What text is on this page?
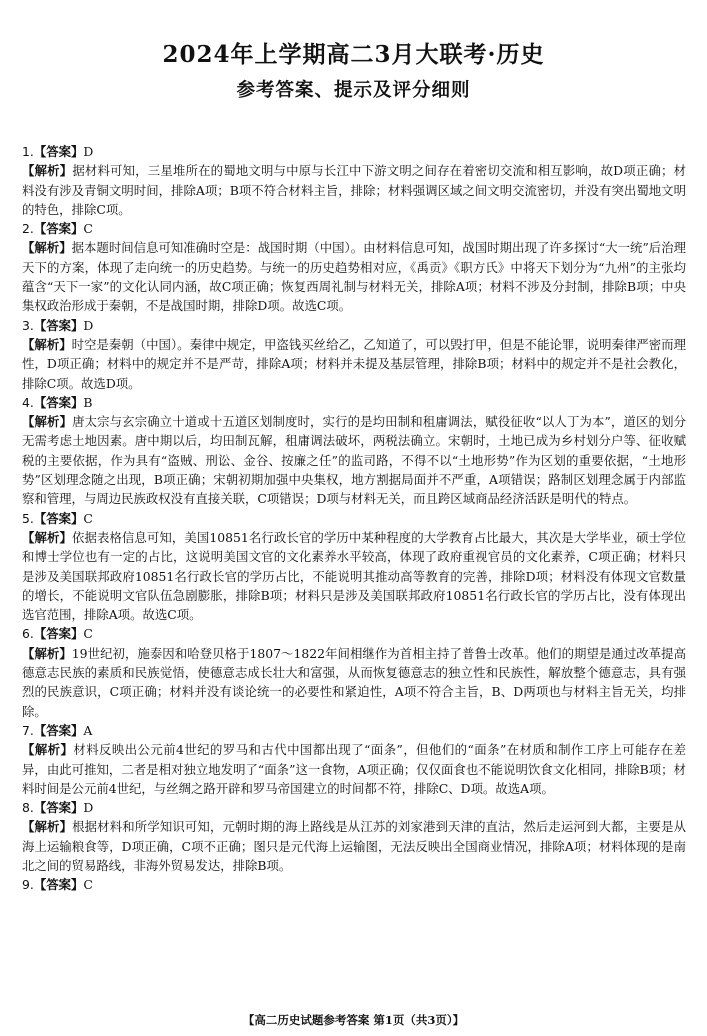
2024年上学期高二3月大联考·历史
参考答案、提示及评分细则
1.【答案】D

【解析】据材料可知，三星堆所在的蜀地文明与中原与长江中下游文明之间存在着密切交流和相互影响，故D项正确；材料没有涉及青铜文明时间，排除A项；B项不符合材料主旨，排除；材料强调区域之间文明交流密切，并没有突出蜀地文明的特色，排除C项。

2.【答案】C

【解析】据本题时间信息可知准确时空是：战国时期（中国）。由材料信息可知，战国时期出现了许多探讨“大一统”后治理天下的方案，体现了走向统一的历史趋势。与统一的历史趋势相对应，《禹贡》《职方氏》中将天下划分为“九州”的主张均蕴含“天下一家”的文化认同内涵，故C项正确；恢复西周礼制与材料无关，排除A项；材料不涉及分封制，排除B项；中央集权政治形成于秦朝，不是战国时期，排除D项。故选C项。

3.【答案】D

【解析】时空是秦朝（中国）。秦律中规定，甲盗钱买丝给乙，乙知道了，可以毁打甲，但是不能论罪，说明秦律严密而理性，D项正确；材料中的规定并不是严苛，排除A项；材料并未提及基层管理，排除B项；材料中的规定并不是社会教化，排除C项。故选D项。

4.【答案】B

【解析】唐太宗与玄宗确立十道或十五道区划制度时，实行的是均田制和租庸调法，赋役征收“以人丁为本”，道区的划分无需考虑土地因素。唐中期以后，均田制瓦解，租庸调法破坏，两税法确立。宋朝时，土地已成为乡村划分户等、征收赋税的主要依据，作为具有“盗贼、刑讼、金谷、按廉之任”的监司路，不得不以“土地形势”作为区划的重要依据，“土地形势”区划理念随之出现，B项正确；宋朝初期加强中央集权，地方割据局面并不严重，A项错误；路制区划理念属于内部监察和管理，与周边民族政权没有直接关联，C项错误；D项与材料无关，而且跨区域商品经济活跃是明代的特点。

5.【答案】C

【解析】依据表格信息可知，美国10851名行政长官的学历中某种程度的大学教育占比最大，其次是大学毕业，硕士学位和博士学位也有一定的占比，这说明美国文官的文化素养水平较高，体现了政府重视官员的文化素养，C项正确；材料只是涉及美国联邦政府10851名行政长官的学历占比，不能说明其推动高等教育的完善，排除D项；材料没有体现文官数量的增长，不能说明文官队伍急剧膨胀，排除B项；材料只是涉及美国联邦政府10851名行政长官的学历占比，没有体现出选官范围，排除A项。故选C项。

6.【答案】C

【解析】19世纪初，施泰因和哈登贝格于1807～1822年间相继作为首相主持了普鲁士改革。他们的期望是通过改革提高德意志民族的素质和民族觉悟，使德意志成长壮大和富强，从而恢复德意志的独立性和民族性，解放整个德意志，具有强烈的民族意识，C项正确；材料并没有谈论统一的必要性和紧迫性，A项不符合主旨，B、D两项也与材料主旨无关，均排除。

7.【答案】A

【解析】材料反映出公元前4世纪的罗马和古代中国都出现了“面条”，但他们的“面条”在材质和制作工序上可能存在差异，由此可推知，二者是相对独立地发明了“面条”这一食物，A项正确；仅仅面食也不能说明饮食文化相同，排除B项；材料时间是公元前4世纪，与丝绸之路开辟和罗马帝国建立的时间都不符，排除C、D项。故选A项。

8.【答案】D

【解析】根据材料和所学知识可知，元朝时期的海上路线是从江苏的刘家港到天津的直沽，然后走运河到大都，主要是从海上运输粮食等，D项正确，C项不正确；图只是元代海上运输图，无法反映出全国商业情况，排除A项；材料体现的是南北之间的贸易路线，非海外贸易发达，排除B项。

9.【答案】C
【高二历史试题参考答案 第1页（共3页）】
